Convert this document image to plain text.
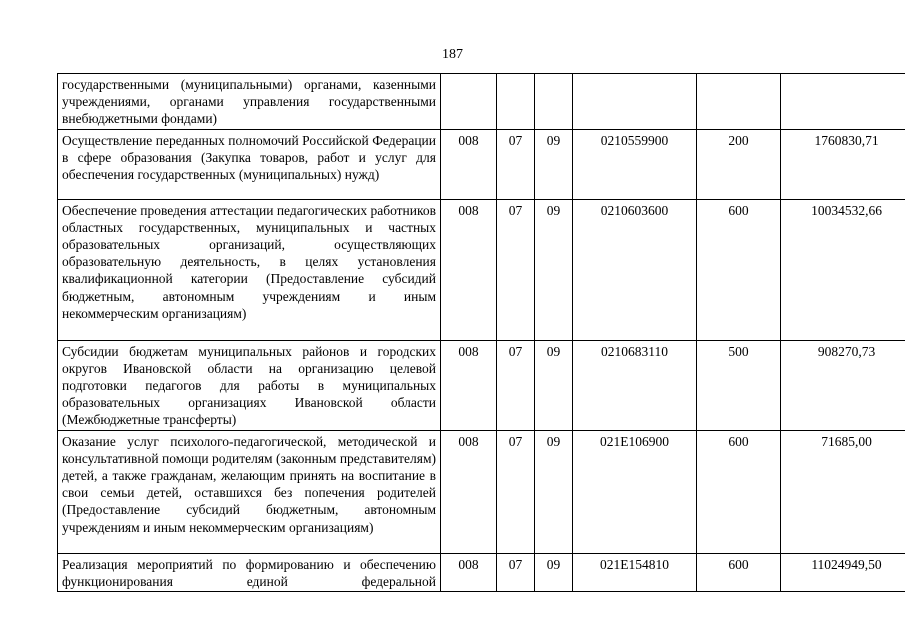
187
государственными (муниципальными) органами, казенными учреждениями, органами управления государственными внебюджетными фондами)						
Осуществление переданных полномочий Российской Федерации в сфере образования (Закупка товаров, работ и услуг для обеспечения государственных (муниципальных) нужд)	008	07	09	0210559900	200	1760830,71
Обеспечение проведения аттестации педагогических работников областных государственных, муниципальных и частных образовательных организаций, осуществляющих образовательную деятельность, в целях установления квалификационной категории (Предоставление субсидий бюджетным, автономным учреждениям и иным некоммерческим организациям)	008	07	09	0210603600	600	10034532,66
Субсидии бюджетам муниципальных районов и городских округов Ивановской области на организацию целевой подготовки педагогов для работы в муниципальных образовательных организациях Ивановской области (Межбюджетные трансферты)	008	07	09	0210683110	500	908270,73
Оказание услуг психолого-педагогической, методической и консультативной помощи родителям (законным представителям) детей, а также гражданам, желающим принять на воспитание в свои семьи детей, оставшихся без попечения родителей (Предоставление субсидий бюджетным, автономным учреждениям и иным некоммерческим организациям)	008	07	09	021E106900	600	71685,00
Реализация мероприятий по формированию и обеспечению функционирования единой федеральной	008	07	09	021E154810	600	11024949,50
